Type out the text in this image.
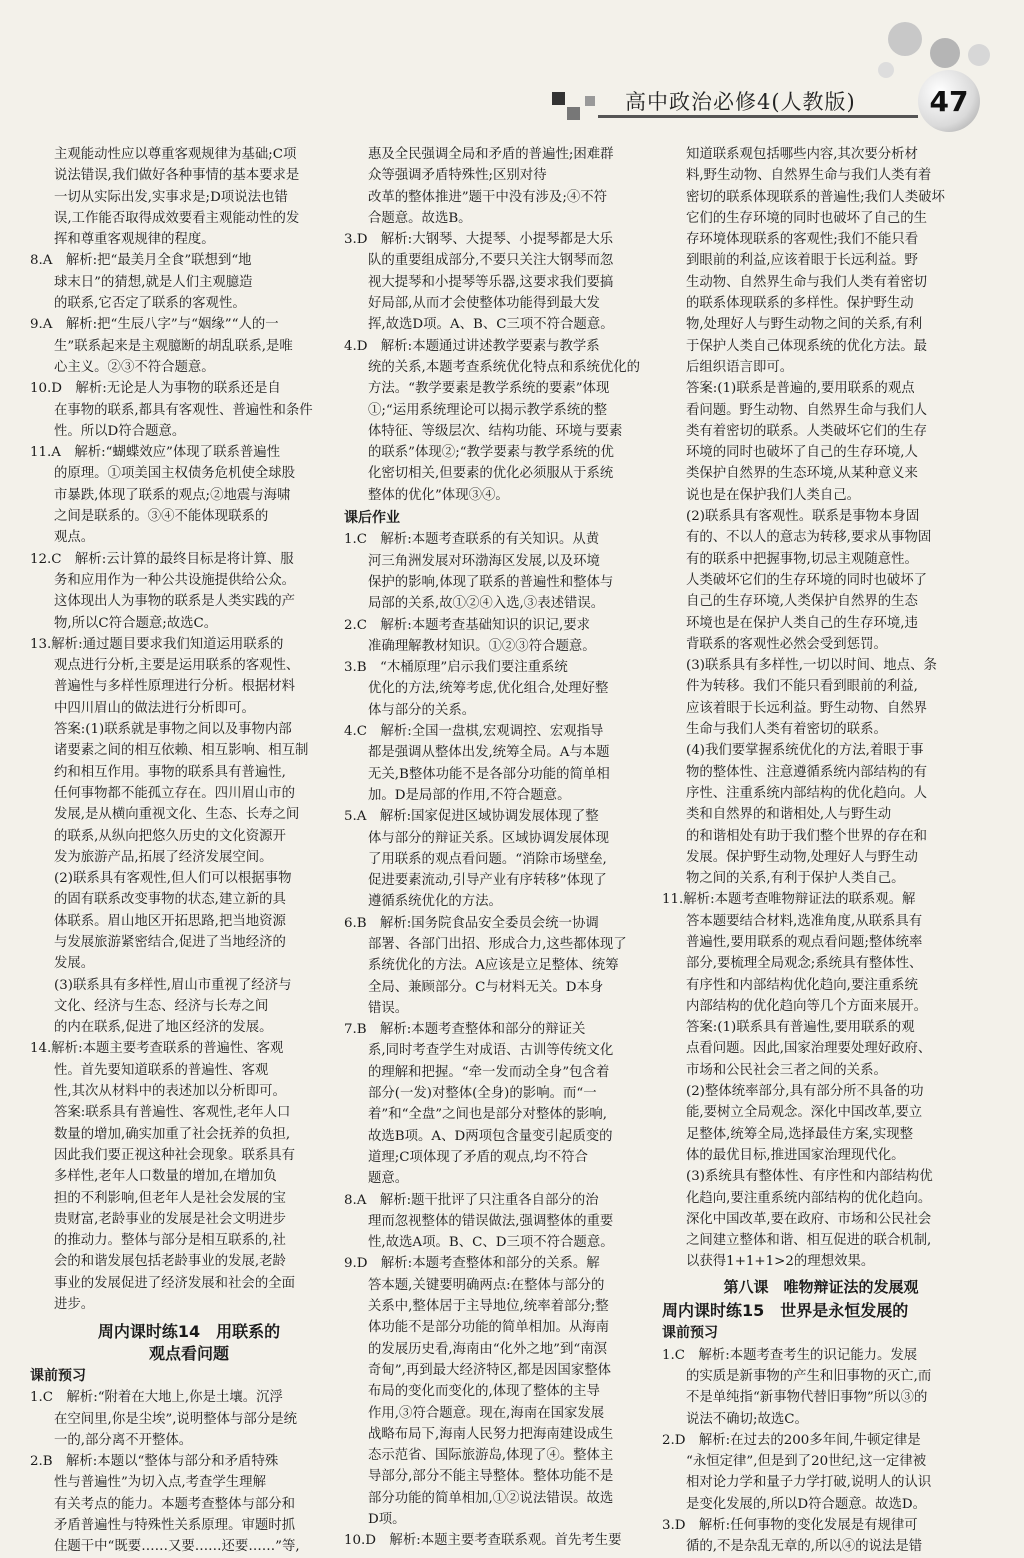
高中政治必修4(人教版)	47

主观能动性应以尊重客观规律为基础;C项
说法错误,我们做好各种事情的基本要求是
一切从实际出发,实事求是;D项说法也错
误,工作能否取得成效要看主观能动性的发
挥和尊重客观规律的程度。

8.A　解析:把“最美月全食”联想到“地
球末日”的猜想,就是人们主观臆造
的联系,它否定了联系的客观性。

9.A　解析:把“生辰八字”与“姻缘”“人的一
生”联系起来是主观臆断的胡乱联系,是唯
心主义。②③不符合题意。

10.D　解析:无论是人为事物的联系还是自
在事物的联系,都具有客观性、普遍性和条件
性。所以D符合题意。

11.A　解析:“蝴蝶效应”体现了联系普遍性
的原理。①项美国主权债务危机使全球股
市暴跌,体现了联系的观点;②地震与海啸
之间是联系的。③④不能体现联系的
观点。

12.C　解析:云计算的最终目标是将计算、服
务和应用作为一种公共设施提供给公众。
这体现出人为事物的联系是人类实践的产
物,所以C符合题意;故选C。

13.解析:通过题目要求我们知道运用联系的
观点进行分析,主要是运用联系的客观性、
普遍性与多样性原理进行分析。根据材料
中四川眉山的做法进行分析即可。

答案:(1)联系就是事物之间以及事物内部
诸要素之间的相互依赖、相互影响、相互制
约和相互作用。事物的联系具有普遍性,
任何事物都不能孤立存在。四川眉山市的
发展,是从横向重视文化、生态、长寿之间
的联系,从纵向把悠久历史的文化资源开
发为旅游产品,拓展了经济发展空间。

(2)联系具有客观性,但人们可以根据事物
的固有联系改变事物的状态,建立新的具
体联系。眉山地区开拓思路,把当地资源
与发展旅游紧密结合,促进了当地经济的
发展。

(3)联系具有多样性,眉山市重视了经济与
文化、经济与生态、经济与长寿之间
的内在联系,促进了地区经济的发展。

14.解析:本题主要考查联系的普遍性、客观
性。首先要知道联系的普遍性、客观
性,其次从材料中的表述加以分析即可。

答案:联系具有普遍性、客观性,老年人口
数量的增加,确实加重了社会抚养的负担,
因此我们要正视这种社会现象。联系具有
多样性,老年人口数量的增加,在增加负
担的不利影响,但老年人是社会发展的宝
贵财富,老龄事业的发展是社会文明进步
的推动力。整体与部分是相互联系的,社
会的和谐发展包括老龄事业的发展,老龄
事业的发展促进了经济发展和社会的全面
进步。

周内课时练14　用联系的

观点看问题

课前预习

1.C　解析:“附着在大地上,你是土壤。沉浮
在空间里,你是尘埃”,说明整体与部分是统
一的,部分离不开整体。

2.B　解析:本题以“整体与部分和矛盾特殊
性与普遍性”为切入点,考查学生理解
有关考点的能力。本题考查整体与部分和
矛盾普遍性与特殊性关系原理。审题时抓
住题干中“既要……又要……还要……”等,

惠及全民强调全局和矛盾的普遍性;困难群
众等强调矛盾特殊性;区别对待
改革的整体推进”题干中没有涉及;④不符
合题意。故选B。

3.D　解析:大钢琴、大提琴、小提琴都是大乐
队的重要组成部分,不要只关注大钢琴而忽
视大提琴和小提琴等乐器,这要求我们要搞
好局部,从而才会使整体功能得到最大发
挥,故选D项。A、B、C三项不符合题意。

4.D　解析:本题通过讲述教学要素与教学系
统的关系,本题考查系统优化特点和系统优化的
方法。“教学要素是教学系统的要素”体现
①;“运用系统理论可以揭示教学系统的整
体特征、等级层次、结构功能、环境与要素
的联系”体现②;“教学要素与教学系统的优
化密切相关,但要素的优化必须服从于系统
整体的优化”体现③④。

课后作业

1.C　解析:本题考查联系的有关知识。从黄
河三角洲发展对环渤海区发展,以及环境
保护的影响,体现了联系的普遍性和整体与
局部的关系,故①②④入选,③表述错误。

2.C　解析:本题考查基础知识的识记,要求
准确理解教材知识。①②③符合题意。

3.B　“木桶原理”启示我们要注重系统
优化的方法,统筹考虑,优化组合,处理好整
体与部分的关系。

4.C　解析:全国一盘棋,宏观调控、宏观指导
都是强调从整体出发,统筹全局。A与本题
无关,B整体功能不是各部分功能的简单相
加。D是局部的作用,不符合题意。

5.A　解析:国家促进区域协调发展体现了整
体与部分的辩证关系。区域协调发展体现
了用联系的观点看问题。“消除市场壁垒,
促进要素流动,引导产业有序转移”体现了
遵循系统优化的方法。

6.B　解析:国务院食品安全委员会统一协调
部署、各部门出招、形成合力,这些都体现了
系统优化的方法。A应该是立足整体、统筹
全局、兼顾部分。C与材料无关。D本身
错误。

7.B　解析:本题考查整体和部分的辩证关
系,同时考查学生对成语、古训等传统文化
的理解和把握。“牵一发而动全身”包含着
部分(一发)对整体(全身)的影响。而“一
着”和“全盘”之间也是部分对整体的影响,
故选B项。A、D两项包含量变引起质变的
道理;C项体现了矛盾的观点,均不符合
题意。

8.A　解析:题干批评了只注重各自部分的治
理而忽视整体的错误做法,强调整体的重要
性,故选A项。B、C、D三项不符合题意。

9.D　解析:本题考查整体和部分的关系。解
答本题,关键要明确两点:在整体与部分的
关系中,整体居于主导地位,统率着部分;整
体功能不是部分功能的简单相加。从海南
的发展历史看,海南由“化外之地”到“南溟
奇甸”,再到最大经济特区,都是因国家整体
布局的变化而变化的,体现了整体的主导
作用,③符合题意。现在,海南在国家发展
战略布局下,海南人民努力把海南建设成生
态示范省、国际旅游岛,体现了④。整体主
导部分,部分不能主导整体。整体功能不是
部分功能的简单相加,①②说法错误。故选
D项。

10.D　解析:本题主要考查联系观。首先考生要

知道联系观包括哪些内容,其次要分析材
料,野生动物、自然界生命与我们人类有着
密切的联系体现联系的普遍性;我们人类破坏
它们的生存环境的同时也破坏了自己的生
存环境体现联系的客观性;我们不能只看
到眼前的利益,应该着眼于长远利益。野
生动物、自然界生命与我们人类有着密切
的联系体现联系的多样性。保护野生动
物,处理好人与野生动物之间的关系,有利
于保护人类自己体现系统的优化方法。最
后组织语言即可。

答案:(1)联系是普遍的,要用联系的观点
看问题。野生动物、自然界生命与我们人
类有着密切的联系。人类破坏它们的生存
环境的同时也破坏了自己的生存环境,人
类保护自然界的生态环境,从某种意义来
说也是在保护我们人类自己。

(2)联系具有客观性。联系是事物本身固
有的、不以人的意志为转移,要求从事物固
有的联系中把握事物,切忌主观随意性。
人类破坏它们的生存环境的同时也破坏了
自己的生存环境,人类保护自然界的生态
环境也是在保护人类自己的生存环境,违
背联系的客观性必然会受到惩罚。

(3)联系具有多样性,一切以时间、地点、条
件为转移。我们不能只看到眼前的利益,
应该着眼于长远利益。野生动物、自然界
生命与我们人类有着密切的联系。

(4)我们要掌握系统优化的方法,着眼于事
物的整体性、注意遵循系统内部结构的有
序性、注重系统内部结构的优化趋向。人
类和自然界的和谐相处,人与野生动
的和谐相处有助于我们整个世界的存在和
发展。保护野生动物,处理好人与野生动
物之间的关系,有利于保护人类自己。

11.解析:本题考查唯物辩证法的联系观。解
答本题要结合材料,选准角度,从联系具有
普遍性,要用联系的观点看问题;整体统率
部分,要梳理全局观念;系统具有整体性、
有序性和内部结构优化趋向,要注重系统
内部结构的优化趋向等几个方面来展开。

答案:(1)联系具有普遍性,要用联系的观
点看问题。因此,国家治理要处理好政府、
市场和公民社会三者之间的关系。

(2)整体统率部分,具有部分所不具备的功
能,要树立全局观念。深化中国改革,要立
足整体,统筹全局,选择最佳方案,实现整
体的最优目标,推进国家治理现代化。

(3)系统具有整体性、有序性和内部结构优
化趋向,要注重系统内部结构的优化趋向。
深化中国改革,要在政府、市场和公民社会
之间建立整体和谐、相互促进的联合机制,
以获得1+1+1>2的理想效果。

第八课　唯物辩证法的发展观

周内课时练15　世界是永恒发展的

课前预习

1.C　解析:本题考查考生的识记能力。发展
的实质是新事物的产生和旧事物的灭亡,而
不是单纯指“新事物代替旧事物”所以③的
说法不确切;故选C。

2.D　解析:在过去的200多年间,牛顿定律是
“永恒定律”,但是到了20世纪,这一定律被
相对论力学和量子力学打破,说明人的认识
是变化发展的,所以D符合题意。故选D。

3.D　解析:任何事物的变化发展是有规律可
循的,不是杂乱无章的,所以④的说法是错
